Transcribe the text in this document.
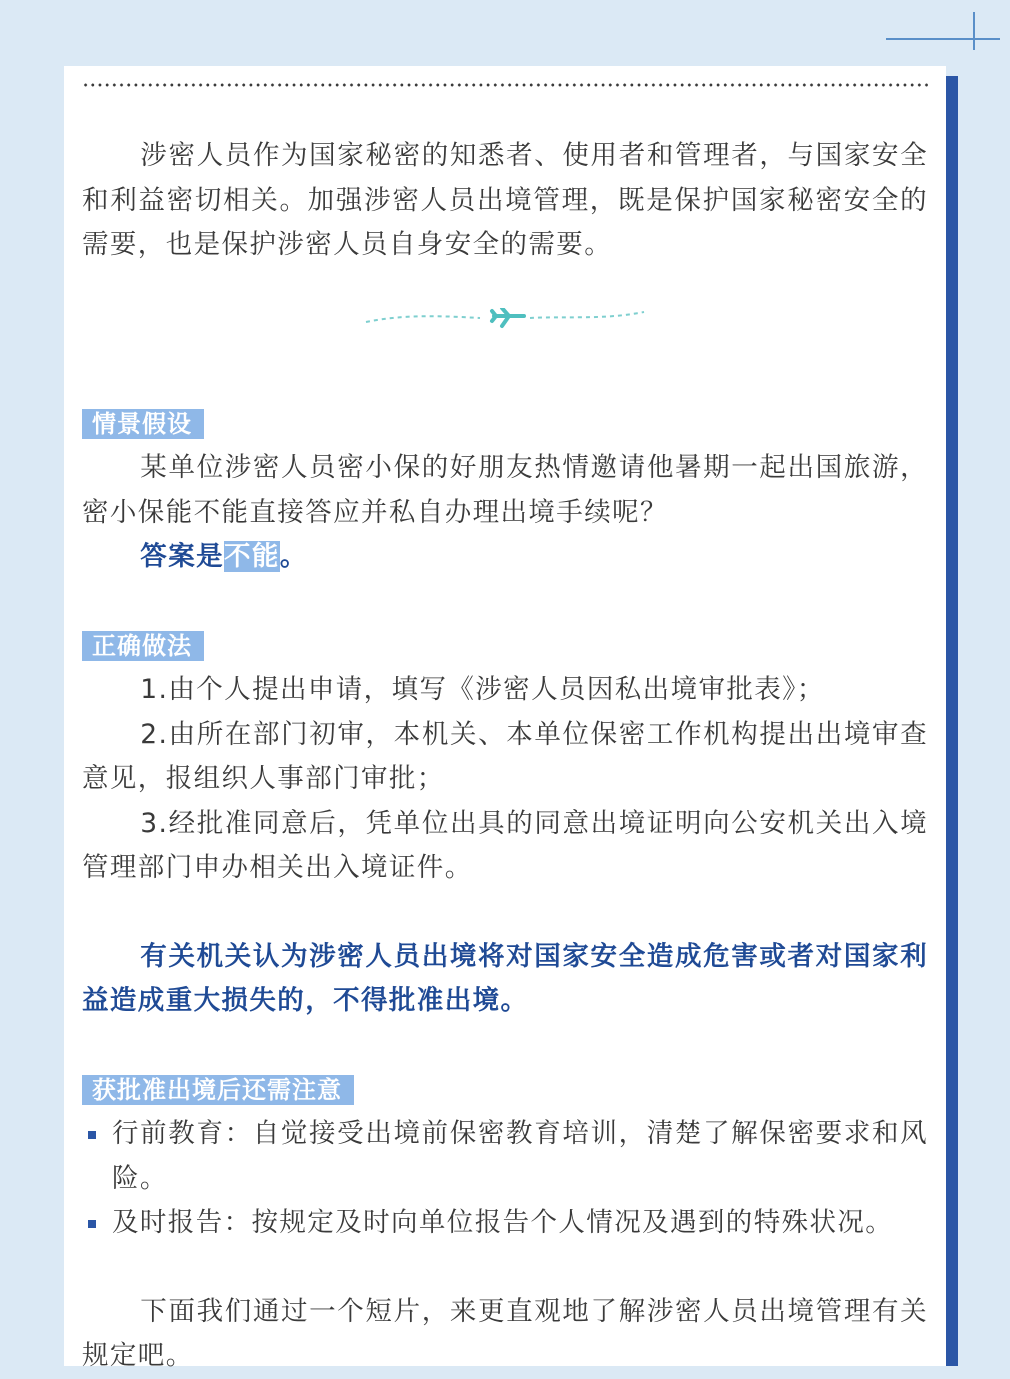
涉密人员作为国家秘密的知悉者、使用者和管理者，与国家安全和利益密切相关。加强涉密人员出境管理，既是保护国家秘密安全的需要，也是保护涉密人员自身安全的需要。

情景假设

某单位涉密人员密小保的好朋友热情邀请他暑期一起出国旅游，密小保能不能直接答应并私自办理出境手续呢？

答案是不能。

正确做法

1.由个人提出申请，填写《涉密人员因私出境审批表》；

2.由所在部门初审，本机关、本单位保密工作机构提出出境审查意见，报组织人事部门审批；

3.经批准同意后，凭单位出具的同意出境证明向公安机关出入境管理部门申办相关出入境证件。

有关机关认为涉密人员出境将对国家安全造成危害或者对国家利益造成重大损失的，不得批准出境。

获批准出境后还需注意
行前教育：自觉接受出境前保密教育培训，清楚了解保密要求和风险。
及时报告：按规定及时向单位报告个人情况及遇到的特殊状况。

下面我们通过一个短片，来更直观地了解涉密人员出境管理有关规定吧。
